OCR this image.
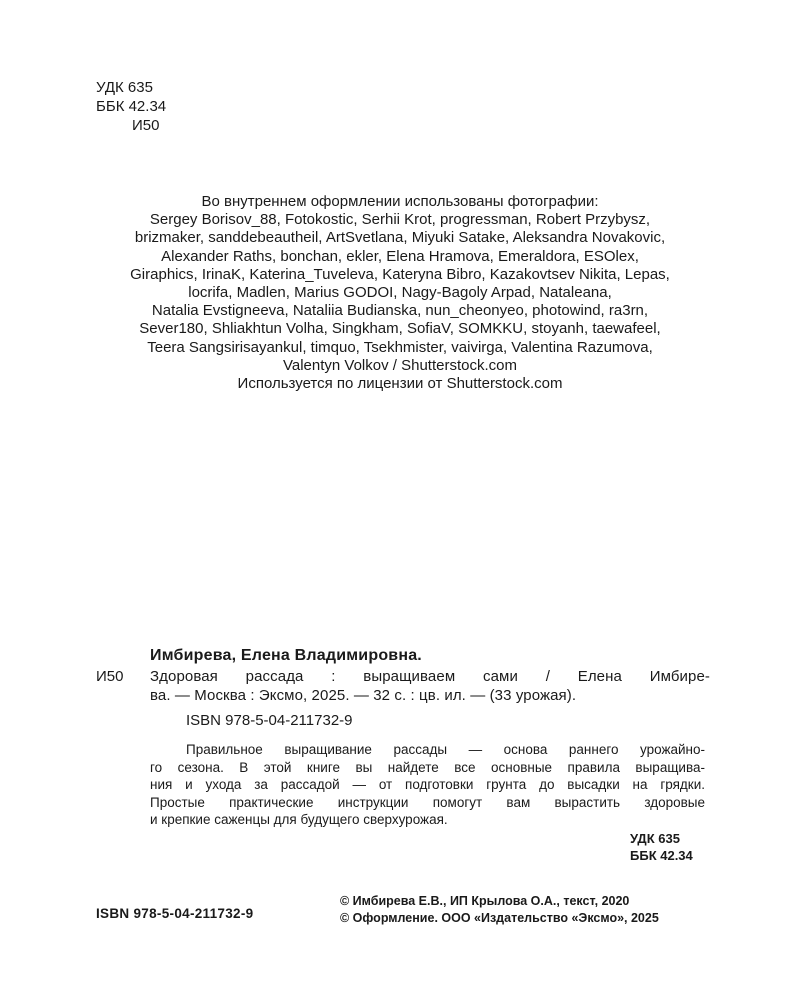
УДК 635
ББК 42.34
И50
Во внутреннем оформлении использованы фотографии:
Sergey Borisov_88, Fotokostic, Serhii Krot, progressman, Robert Przybysz,
brizmaker, sanddebeautheil, ArtSvetlana, Miyuki Satake, Aleksandra Novakovic,
Alexander Raths, bonchan, ekler, Elena Hramova, Emeraldora, ESOlex,
Giraphics, IrinaK, Katerina_Tuveleva, Kateryna Bibro, Kazakovtsev Nikita, Lepas,
locrifa, Madlen, Marius GODOI, Nagy-Bagoly Arpad, Nataleana,
Natalia Evstigneeva, Nataliia Budianska, nun_cheonyeo, photowind, ra3rn,
Sever180, Shliakhtun Volha, Singkham, SofiaV, SOMKKU, stoyanh, taewafeel,
Teera Sangsirisayankul, timquo, Tsekhmister, vaivirga, Valentina Razumova,
Valentyn Volkov / Shutterstock.com
Используется по лицензии от Shutterstock.com
Имбирева, Елена Владимировна.
И50 Здоровая рассада : выращиваем сами / Елена Имбире-
ва. — Москва : Эксмо, 2025. — 32 с. : цв. ил. — (33 урожая).
ISBN 978-5-04-211732-9
Правильное выращивание рассады — основа раннего урожайно-
го сезона. В этой книге вы найдете все основные правила выращива-
ния и ухода за рассадой — от подготовки грунта до высадки на грядки.
Простые практические инструкции помогут вам вырастить здоровые
и крепкие саженцы для будущего сверхурожая.
УДК 635
ББК 42.34
ISBN 978-5-04-211732-9
© Имбирева Е.В., ИП Крылова О.А., текст, 2020
© Оформление. ООО «Издательство «Эксмо», 2025
